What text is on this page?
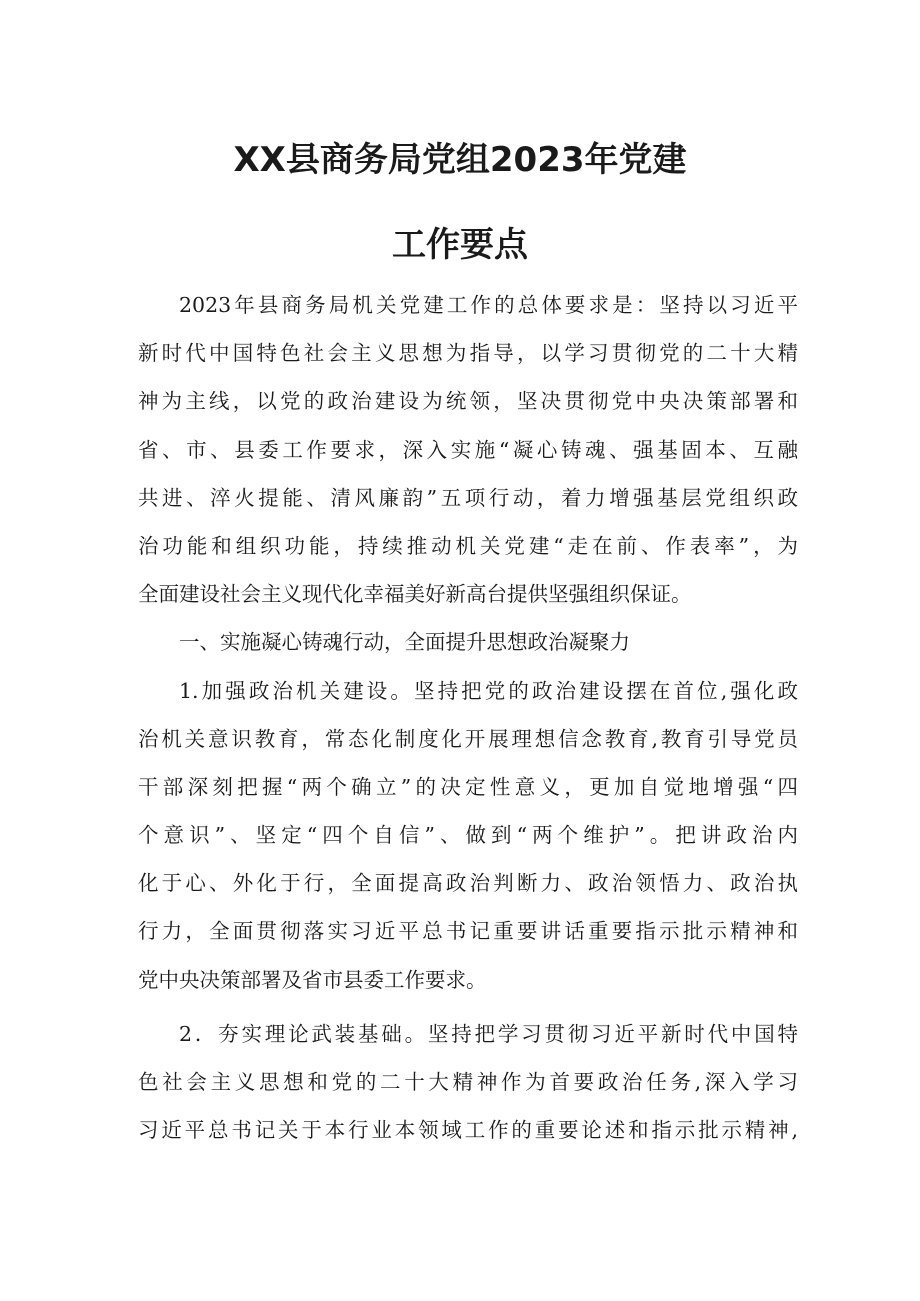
XX县商务局党组2023年党建
工作要点
2023年县商务局机关党建工作的总体要求是：坚持以习近平
新时代中国特色社会主义思想为指导，以学习贯彻党的二十大精
神为主线，以党的政治建设为统领，坚决贯彻党中央决策部署和
省、市、县委工作要求，深入实施“凝心铸魂、强基固本、互融
共进、淬火提能、清风廉韵”五项行动，着力增强基层党组织政
治功能和组织功能，持续推动机关党建“走在前、作表率”，为
全面建设社会主义现代化幸福美好新高台提供坚强组织保证。
一、实施凝心铸魂行动，全面提升思想政治凝聚力
1.加强政治机关建设。坚持把党的政治建设摆在首位,强化政
治机关意识教育，常态化制度化开展理想信念教育,教育引导党员
干部深刻把握“两个确立”的决定性意义，更加自觉地增强“四
个意识”、坚定“四个自信”、做到“两个维护”。把讲政治内
化于心、外化于行，全面提高政治判断力、政治领悟力、政治执
行力，全面贯彻落实习近平总书记重要讲话重要指示批示精神和
党中央决策部署及省市县委工作要求。
2．夯实理论武装基础。坚持把学习贯彻习近平新时代中国特
色社会主义思想和党的二十大精神作为首要政治任务,深入学习
习近平总书记关于本行业本领域工作的重要论述和指示批示精神,
